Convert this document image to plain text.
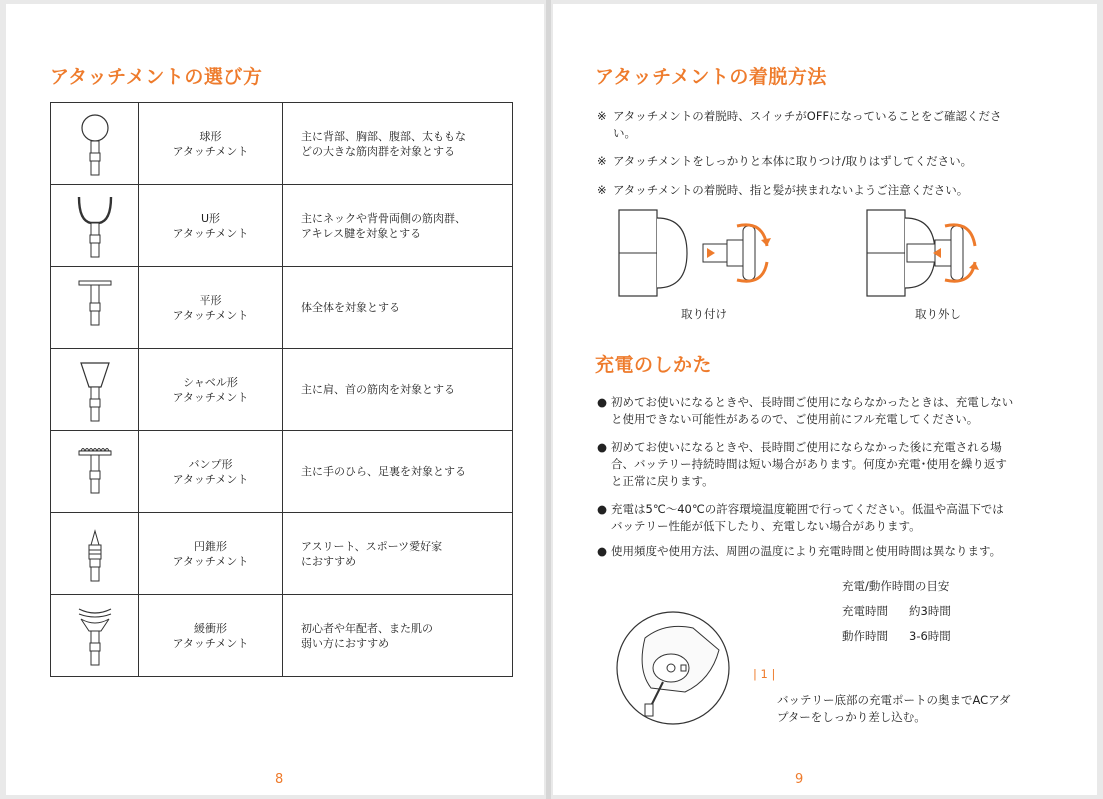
アタッチメントの選び方
	球形
アタッチメント	主に背部、胸部、腹部、太ももな
どの大きな筋肉群を対象とする

	U形
アタッチメント	主にネックや背骨両側の筋肉群、
アキレス腱を対象とする

	平形
アタッチメント	体全体を対象とする

	シャベル形
アタッチメント	主に肩、首の筋肉を対象とする

	バンプ形
アタッチメント	主に手のひら、足裏を対象とする

	円錐形
アタッチメント	アスリート、スポーツ愛好家
におすすめ

	緩衝形
アタッチメント	初心者や年配者、また肌の
弱い方におすすめ
8
アタッチメントの着脱方法
※ アタッチメントの着脱時、スイッチがOFFになっていることをご確認くださ
い。
※ アタッチメントをしっかりと本体に取りつけ/取りはずしてください。
※ アタッチメントの着脱時、指と髪が挟まれないようご注意ください。
取り付け	取り外し
充電のしかた
● 初めてお使いになるときや、長時間ご使用にならなかったときは、充電しない
と使用できない可能性があるので、ご使用前にフル充電してください。
● 初めてお使いになるときや、長時間ご使用にならなかった後に充電される場
合、バッテリー持続時間は短い場合があります。何度か充電･使用を繰り返す
と正常に戻ります。
● 充電は5℃～40℃の許容環境温度範囲で行ってください。低温や高温下では
バッテリー性能が低下したり、充電しない場合があります。
● 使用頻度や使用方法、周囲の温度により充電時間と使用時間は異なります。
充電/動作時間の目安
充電時間 約3時間
動作時間 3-6時間
| 1 |
バッテリー底部の充電ポートの奥までACアダ
プターをしっかり差し込む。
9
